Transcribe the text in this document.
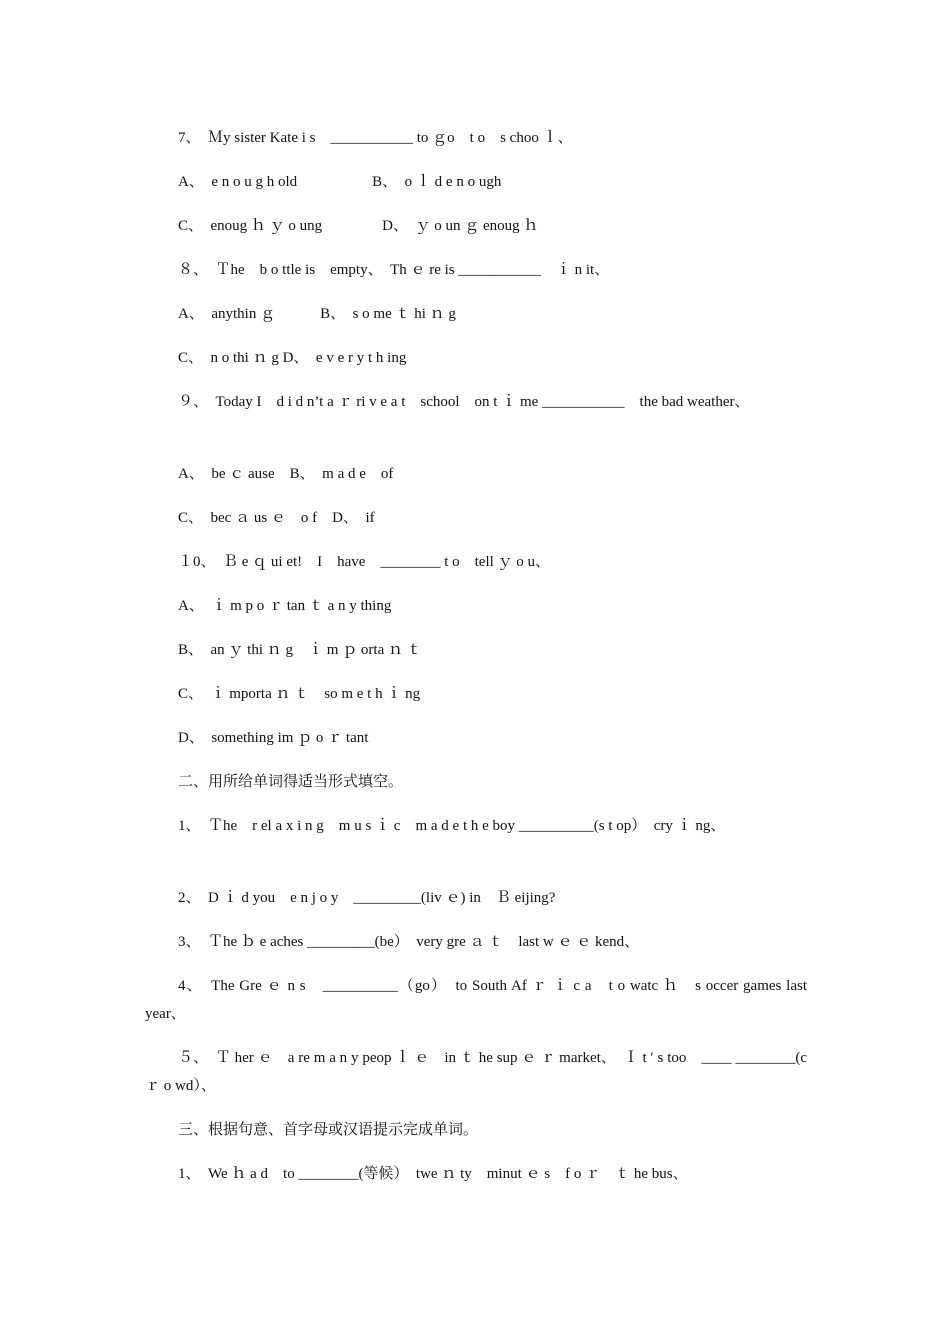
7、　Ｍy sister Kate i s　___________ to ｇo　t o　s choo ｌ、
A、　e n o u g h old　　　　　B、　o ｌ d e n o ugh
C、　enoug ｈ ｙ o ung　　　　D、　ｙ o un ｇ enoug ｈ
８、　Ｔhe　b o ttle is　empty、　Th ｅ re is ___________　ｉ n it、
A、　anythin ｇ　　　B、　s o me ｔ hi ｎ g
C、　n o thi ｎ g D、　e v e r y t h ing
９、　Today I　d i d n’t a ｒ ri v e a t　school　on t ｉ me ___________　the bad weather、
A、　be ｃ ause　B、　m a d e　of
C、　bec ａ us ｅ　o f　D、　if
１0、　Ｂ e ｑ ui et!　I　have　________ t o　tell ｙ o u、
A、　ｉ m p o ｒ tan ｔ a n y thing
B、　an ｙ thi ｎ g　ｉ m ｐ orta ｎ ｔ
C、　ｉ mporta ｎ ｔ　so m e t h ｉ ng
D、　something im ｐ o ｒ tant
二、用所给单词得适当形式填空。
1、　Ｔhe　r el a x i n g　m u s ｉ c　m a d e t h e boy __________(s t op）　cry ｉ ng、
2、　D ｉ d you　e n j o y　_________(liv ｅ) in　Ｂ eijing?
3、　Ｔhe ｂ e aches _________(be）　very gre ａ ｔ　last w ｅ ｅ kend、
4、　The Gre ｅ n s　__________（go）　to South Af ｒ ｉ c a　t o watc ｈ　s occer games last year、
５、　Ｔ her ｅ　a re m a n y peop ｌ ｅ　in ｔ he sup ｅ ｒ market、　Ｉ t ′ s too　____ ________(c ｒ o wd）、
三、根据句意、首字母或汉语提示完成单词。
1、　We ｈ a d　to ________(等候）　twe ｎ ty　minut ｅ s　f o ｒ　ｔ he bus、
